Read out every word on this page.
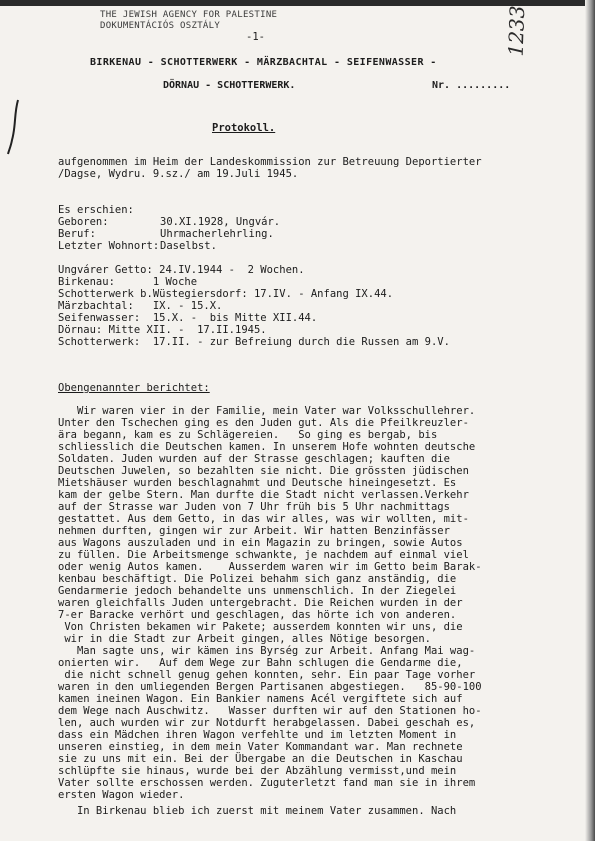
THE JEWISH AGENCY FOR PALESTINE
DOKUMENTÁCIÓS OSZTÁLY
-1-	1233
BIRKENAU - SCHOTTERWERK - MÄRZBACHTAL - SEIFENWASSER -
DÖRNAU - SCHOTTERWERK.	Nr. .........
Protokoll.
aufgenommen im Heim der Landeskommission zur Betreuung Deportierter
/Dagse, Wydru. 9.sz./ am 19.Juli 1945.
Es erschien:
Geboren:	30.XI.1928, Ungvár.
Beruf:	Uhrmacherlehrling.
Letzter Wohnort: Daselbst.
Ungvárer Getto: 24.IV.1944 -  2 Wochen.
Birkenau:      1 Woche
Schotterwerk b.Wüstegiersdorf: 17.IV. - Anfang IX.44.
Märzbachtal:   IX. - 15.X.
Seifenwasser:  15.X. -  bis Mitte XII.44.
Dörnau: Mitte XII. -  17.II.1945.
Schotterwerk:  17.II. - zur Befreiung durch die Russen am 9.V.
Obengenannter berichtet:
Wir waren vier in der Familie, mein Vater war Volksschullehrer.
Unter den Tschechen ging es den Juden gut. Als die Pfeilkreuzler-
ära begann, kam es zu Schlägereien.   So ging es bergab, bis
schliesslich die Deutschen kamen. In unserem Hofe wohnten deutsche
Soldaten. Juden wurden auf der Strasse geschlagen; kauften die
Deutschen Juwelen, so bezahlten sie nicht. Die grössten jüdischen
Mietshäuser wurden beschlagnahmt und Deutsche hineingesetzt. Es
kam der gelbe Stern. Man durfte die Stadt nicht verlassen.Verkehr
auf der Strasse war Juden von 7 Uhr früh bis 5 Uhr nachmittags
gestattet. Aus dem Getto, in das wir alles, was wir wollten, mit-
nehmen durften, gingen wir zur Arbeit. Wir hatten Benzinfässer
aus Wagons auszuladen und in ein Magazin zu bringen, sowie Autos
zu füllen. Die Arbeitsmenge schwankte, je nachdem auf einmal viel
oder wenig Autos kamen.    Ausserdem waren wir im Getto beim Barak-
kenbau beschäftigt. Die Polizei behahm sich ganz anständig, die
Gendarmerie jedoch behandelte uns unmenschlich. In der Ziegelei
waren gleichfalls Juden untergebracht. Die Reichen wurden in der
7-er Baracke verhört und geschlagen, das hörte ich von anderen.
Von Christen bekamen wir Pakete; ausserdem konnten wir uns, die
wir in die Stadt zur Arbeit gingen, alles Nötige besorgen.
Man sagte uns, wir kämen ins Byrség zur Arbeit. Anfang Mai wag-
onierten wir.   Auf dem Wege zur Bahn schlugen die Gendarme die,
die nicht schnell genug gehen konnten, sehr. Ein paar Tage vorher
waren in den umliegenden Bergen Partisanen abgestiegen.   85-90-100
kamen ineinen Wagon. Ein Bankier namens Acél vergiftete sich auf
dem Wege nach Auschwitz.   Wasser durften wir auf den Stationen ho-
len, auch wurden wir zur Notdurft herabgelassen. Dabei geschah es,
dass ein Mädchen ihren Wagon verfehlte und im letzten Moment in
unseren einstieg, in dem mein Vater Kommandant war. Man rechnete
sie zu uns mit ein. Bei der Übergabe an die Deutschen in Kaschau
schlüpfte sie hinaus, wurde bei der Abzählung vermisst,und mein
Vater sollte erschossen werden. Zuguterletzt fand man sie in ihrem
ersten Wagon wieder.
In Birkenau blieb ich zuerst mit meinem Vater zusammen. Nach
